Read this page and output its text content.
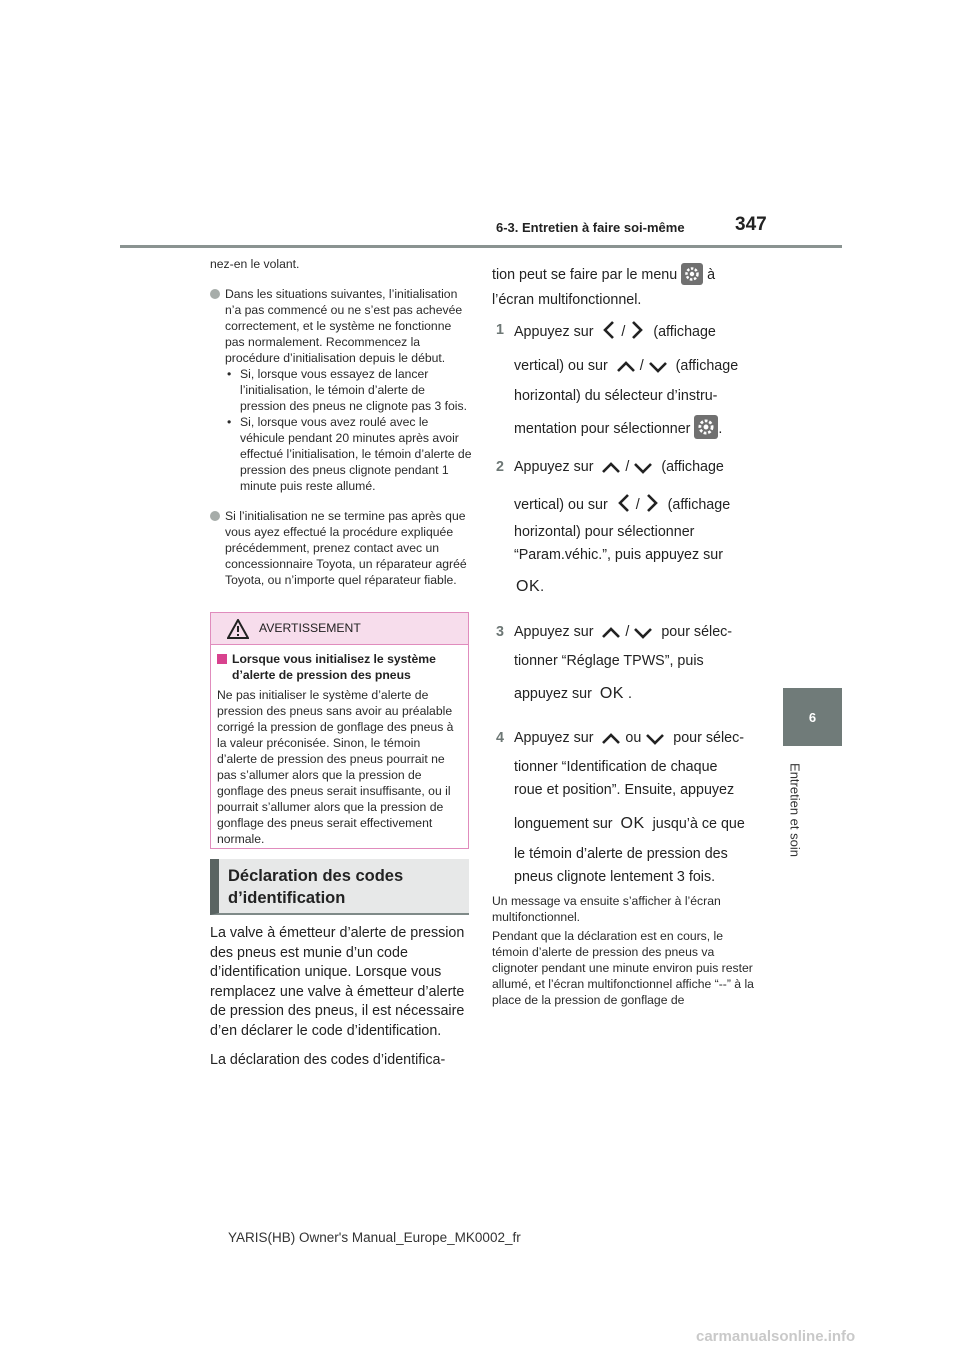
6-3. Entretien à faire soi-même	347
6
Entretien et soin
nez-en le volant.
Dans les situations suivantes, l’initialisation n’a pas commencé ou ne s’est pas achevée correctement, et le système ne fonctionne pas normalement. Recommencez la procédure d’initialisation depuis le début.
• Si, lorsque vous essayez de lancer l’initialisation, le témoin d’alerte de pression des pneus ne clignote pas 3 fois.
• Si, lorsque vous avez roulé avec le véhicule pendant 20 minutes après avoir effectué l’initialisation, le témoin d’alerte de pression des pneus clignote pendant 1 minute puis reste allumé.
Si l’initialisation ne se termine pas après que vous ayez effectué la procédure expliquée précédemment, prenez contact avec un concessionnaire Toyota, un réparateur agréé Toyota, ou n’importe quel réparateur fiable.
AVERTISSEMENT
Lorsque vous initialisez le système d’alerte de pression des pneus
Ne pas initialiser le système d’alerte de pression des pneus sans avoir au préalable corrigé la pression de gonflage des pneus à la valeur préconisée. Sinon, le témoin d’alerte de pression des pneus pourrait ne pas s’allumer alors que la pression de gonflage des pneus serait insuffisante, ou il pourrait s’allumer alors que la pression de gonflage des pneus serait effectivement normale.
Déclaration des codes d’identification

La valve à émetteur d’alerte de pression des pneus est munie d’un code d’identification unique. Lorsque vous remplacez une valve à émetteur d’alerte de pression des pneus, il est nécessaire d’en déclarer le code d’identification.

La déclaration des codes d’identifica-

tion peut se faire par le menu à
l’écran multifonctionnel.
1 Appuyez sur / (affichage
vertical) ou sur / (affichage
horizontal) du sélecteur d’instru-
mentation pour sélectionner .
2 Appuyez sur / (affichage
vertical) ou sur / (affichage
horizontal) pour sélectionner
“Param.véhic.”, puis appuyez sur
OK.
3 Appuyez sur / pour sélec-
tionner “Réglage TPWS”, puis
appuyez sur OK .
4 Appuyez sur ou pour sélec-
tionner “Identification de chaque
roue et position”. Ensuite, appuyez
longuement sur OK jusqu’à ce que
le témoin d’alerte de pression des
pneus clignote lentement 3 fois.
Un message va ensuite s’afficher à l’écran multifonctionnel.
Pendant que la déclaration est en cours, le témoin d’alerte de pression des pneus va clignoter pendant une minute environ puis rester allumé, et l’écran multifonctionnel affiche “--” à la place de la pression de gonflage de
YARIS(HB) Owner's Manual_Europe_MK0002_fr
carmanualsonline.info
